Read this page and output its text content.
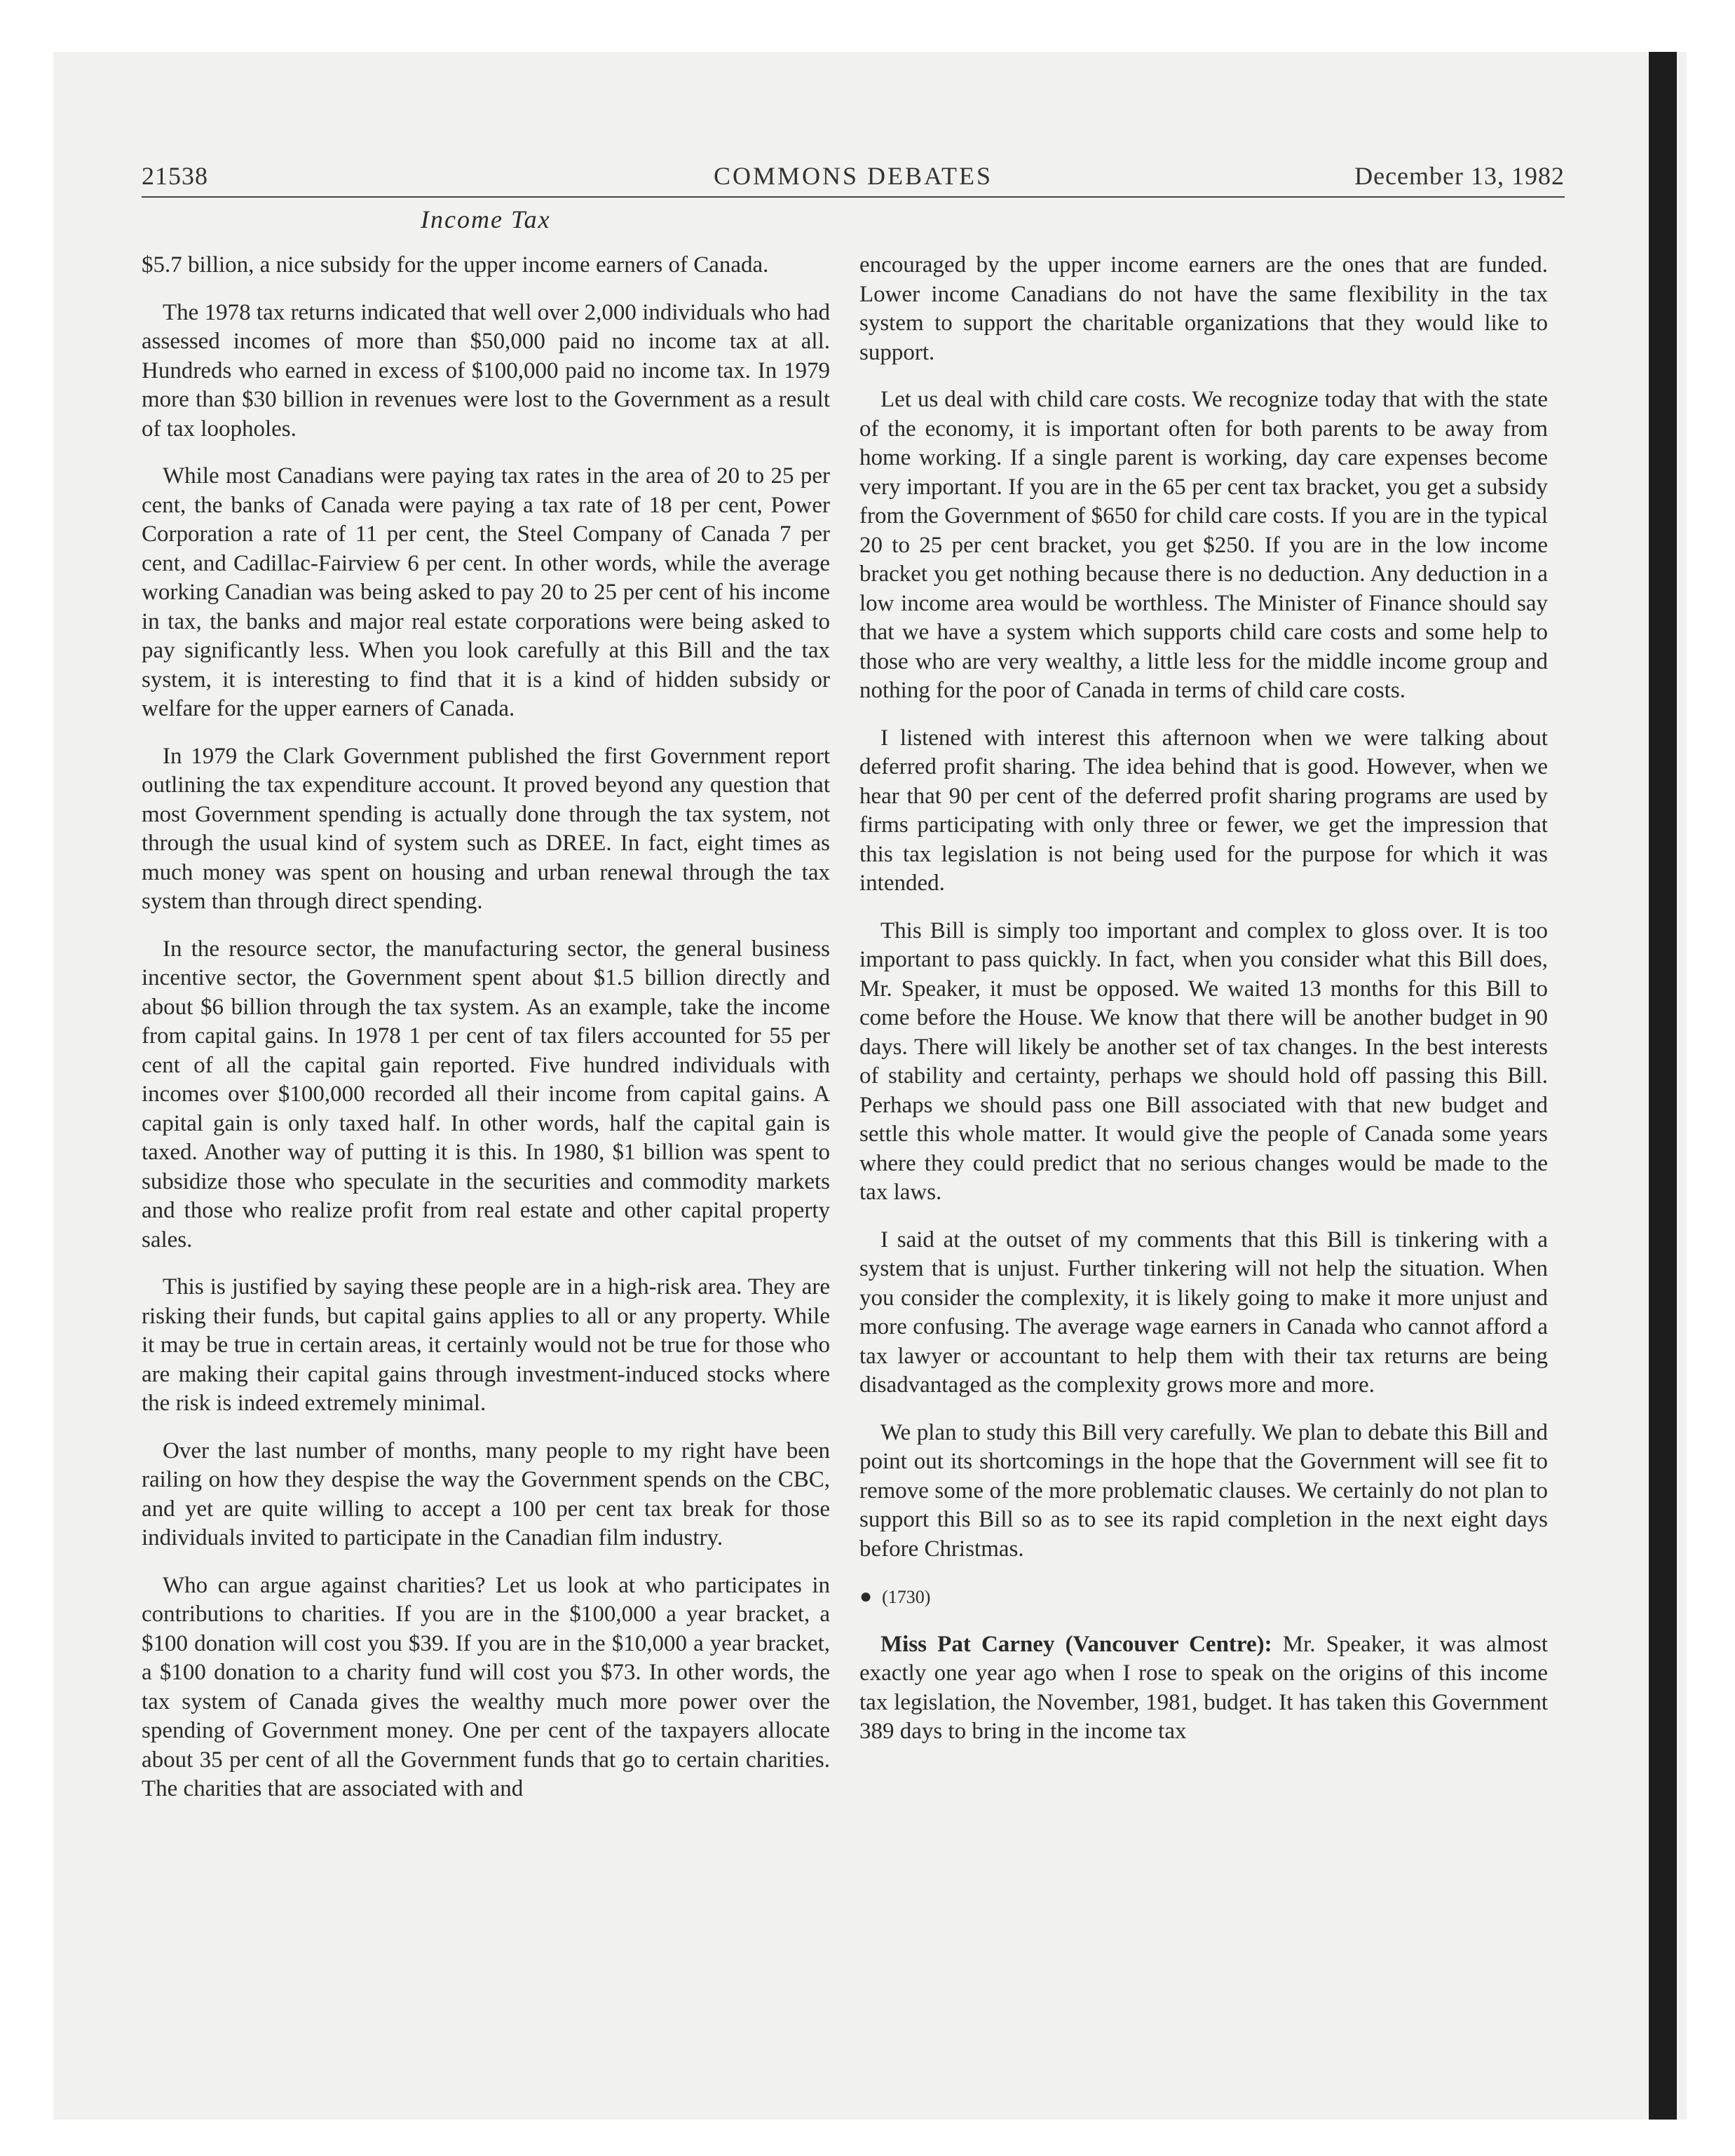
21538	COMMONS DEBATES	December 13, 1982
Income Tax

$5.7 billion, a nice subsidy for the upper income earners of Canada.

The 1978 tax returns indicated that well over 2,000 individuals who had assessed incomes of more than $50,000 paid no income tax at all. Hundreds who earned in excess of $100,000 paid no income tax. In 1979 more than $30 billion in revenues were lost to the Government as a result of tax loopholes.

While most Canadians were paying tax rates in the area of 20 to 25 per cent, the banks of Canada were paying a tax rate of 18 per cent, Power Corporation a rate of 11 per cent, the Steel Company of Canada 7 per cent, and Cadillac-Fairview 6 per cent. In other words, while the average working Canadian was being asked to pay 20 to 25 per cent of his income in tax, the banks and major real estate corporations were being asked to pay significantly less. When you look carefully at this Bill and the tax system, it is interesting to find that it is a kind of hidden subsidy or welfare for the upper earners of Canada.

In 1979 the Clark Government published the first Government report outlining the tax expenditure account. It proved beyond any question that most Government spending is actually done through the tax system, not through the usual kind of system such as DREE. In fact, eight times as much money was spent on housing and urban renewal through the tax system than through direct spending.

In the resource sector, the manufacturing sector, the general business incentive sector, the Government spent about $1.5 billion directly and about $6 billion through the tax system. As an example, take the income from capital gains. In 1978 1 per cent of tax filers accounted for 55 per cent of all the capital gain reported. Five hundred individuals with incomes over $100,000 recorded all their income from capital gains. A capital gain is only taxed half. In other words, half the capital gain is taxed. Another way of putting it is this. In 1980, $1 billion was spent to subsidize those who speculate in the securities and commodity markets and those who realize profit from real estate and other capital property sales.

This is justified by saying these people are in a high-risk area. They are risking their funds, but capital gains applies to all or any property. While it may be true in certain areas, it certainly would not be true for those who are making their capital gains through investment-induced stocks where the risk is indeed extremely minimal.

Over the last number of months, many people to my right have been railing on how they despise the way the Government spends on the CBC, and yet are quite willing to accept a 100 per cent tax break for those individuals invited to participate in the Canadian film industry.

Who can argue against charities? Let us look at who participates in contributions to charities. If you are in the $100,000 a year bracket, a $100 donation will cost you $39. If you are in the $10,000 a year bracket, a $100 donation to a charity fund will cost you $73. In other words, the tax system of Canada gives the wealthy much more power over the spending of Government money. One per cent of the taxpayers allocate about 35 per cent of all the Government funds that go to certain charities. The charities that are associated with and

encouraged by the upper income earners are the ones that are funded. Lower income Canadians do not have the same flexibility in the tax system to support the charitable organizations that they would like to support.

Let us deal with child care costs. We recognize today that with the state of the economy, it is important often for both parents to be away from home working. If a single parent is working, day care expenses become very important. If you are in the 65 per cent tax bracket, you get a subsidy from the Government of $650 for child care costs. If you are in the typical 20 to 25 per cent bracket, you get $250. If you are in the low income bracket you get nothing because there is no deduction. Any deduction in a low income area would be worthless. The Minister of Finance should say that we have a system which supports child care costs and some help to those who are very wealthy, a little less for the middle income group and nothing for the poor of Canada in terms of child care costs.

I listened with interest this afternoon when we were talking about deferred profit sharing. The idea behind that is good. However, when we hear that 90 per cent of the deferred profit sharing programs are used by firms participating with only three or fewer, we get the impression that this tax legislation is not being used for the purpose for which it was intended.

This Bill is simply too important and complex to gloss over. It is too important to pass quickly. In fact, when you consider what this Bill does, Mr. Speaker, it must be opposed. We waited 13 months for this Bill to come before the House. We know that there will be another budget in 90 days. There will likely be another set of tax changes. In the best interests of stability and certainty, perhaps we should hold off passing this Bill. Perhaps we should pass one Bill associated with that new budget and settle this whole matter. It would give the people of Canada some years where they could predict that no serious changes would be made to the tax laws.

I said at the outset of my comments that this Bill is tinkering with a system that is unjust. Further tinkering will not help the situation. When you consider the complexity, it is likely going to make it more unjust and more confusing. The average wage earners in Canada who cannot afford a tax lawyer or accountant to help them with their tax returns are being disadvantaged as the complexity grows more and more.

We plan to study this Bill very carefully. We plan to debate this Bill and point out its shortcomings in the hope that the Government will see fit to remove some of the more problematic clauses. We certainly do not plan to support this Bill so as to see its rapid completion in the next eight days before Christmas.

● (1730)

Miss Pat Carney (Vancouver Centre): Mr. Speaker, it was almost exactly one year ago when I rose to speak on the origins of this income tax legislation, the November, 1981, budget. It has taken this Government 389 days to bring in the income tax
